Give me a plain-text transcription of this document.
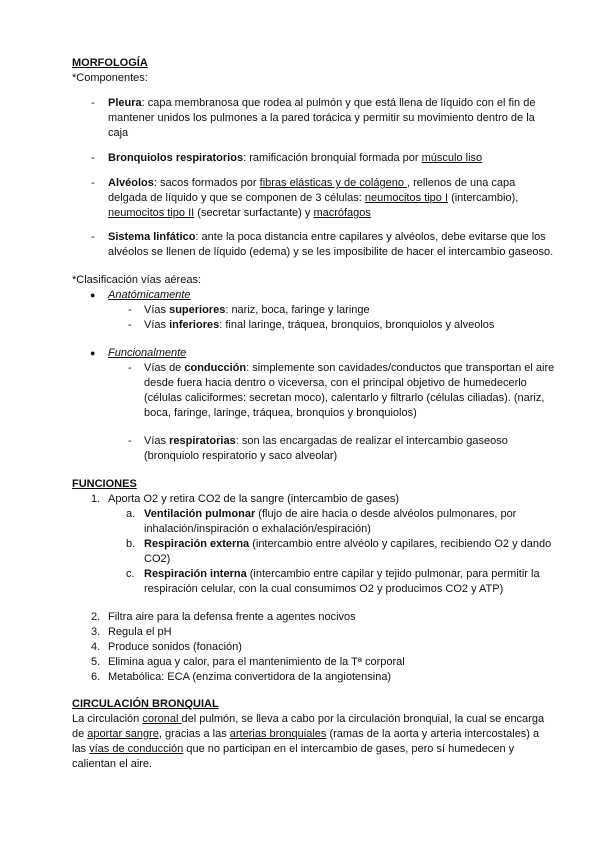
MORFOLOGÍA
*Componentes:
- Pleura: capa membranosa que rodea al pulmón y que está llena de líquido con el fin de
mantener unidos los pulmones a la pared torácica y permitir su movimiento dentro de la
caja
- Bronquiolos respiratorios: ramificación bronquial formada por músculo liso
- Alvéolos: sacos formados por fibras elásticas y de colágeno , rellenos de una capa
delgada de líquido y que se componen de 3 células: neumocitos tipo I (intercambio),
neumocitos tipo II (secretar surfactante) y macrófagos
- Sistema linfático: ante la poca distancia entre capilares y alvéolos, debe evitarse que los
alvéolos se llenen de líquido (edema) y se les imposibilite de hacer el intercambio gaseoso.
*Clasificación vías aéreas:
● Anatómicamente
- Vías superiores: nariz, boca, faringe y laringe
- Vías inferiores: final laringe, tráquea, bronquios, bronquiolos y alveolos
● Funcionalmente
- Vías de conducción: simplemente son cavidades/conductos que transportan el aire
desde fuera hacia dentro o viceversa, con el principal objetivo de humedecerlo
(células caliciformes: secretan moco), calentarlo y filtrarlo (células ciliadas). (nariz,
boca, faringe, laringe, tráquea, bronquios y bronquiolos)
- Vías respiratorias: son las encargadas de realizar el intercambio gaseoso
(bronquiolo respiratorio y saco alveolar)
FUNCIONES
1. Aporta O2 y retira CO2 de la sangre (intercambio de gases)
a. Ventilación pulmonar (flujo de aire hacia o desde alvéolos pulmonares, por
inhalación/inspiración o exhalación/espiración)
b. Respiración externa (intercambio entre alvéolo y capilares, recibiendo O2 y dando
CO2)
c. Respiración interna (intercambio entre capilar y tejido pulmonar, para permitir la
respiración celular, con la cual consumimos O2 y producimos CO2 y ATP)
2. Filtra aire para la defensa frente a agentes nocivos
3. Regula el pH
4. Produce sonidos (fonación)
5. Elimina agua y calor, para el mantenimiento de la Tª corporal
6. Metabólica: ECA (enzima convertidora de la angiotensina)
CIRCULACIÓN BRONQUIAL
La circulación coronal del pulmón, se lleva a cabo por la circulación bronquial, la cual se encarga
de aportar sangre, gracias a las arterias bronquiales (ramas de la aorta y arteria intercostales) a
las vías de conducción que no participan en el intercambio de gases, pero sí humedecen y
calientan el aire.
